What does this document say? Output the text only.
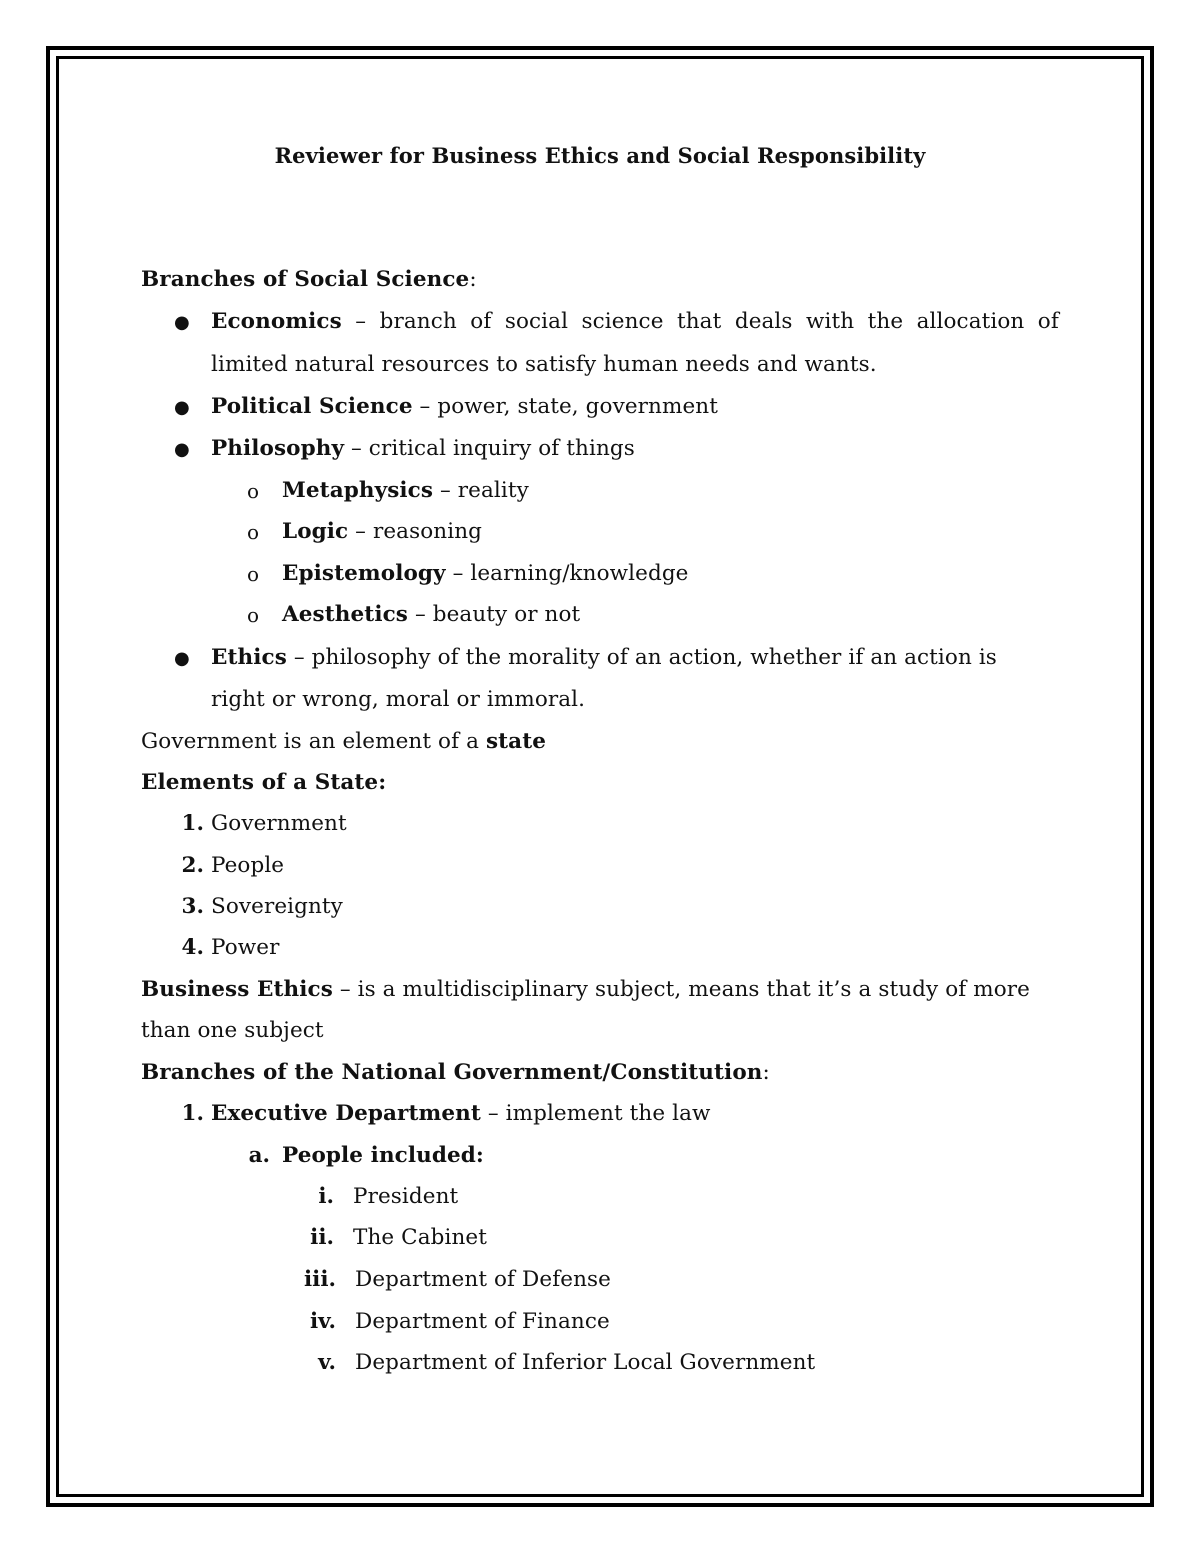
Reviewer for Business Ethics and Social Responsibility
Branches of Social Science:
● Economics – branch of social science that deals with the allocation of
limited natural resources to satisfy human needs and wants.
● Political Science – power, state, government
● Philosophy – critical inquiry of things
o Metaphysics – reality
o Logic – reasoning
o Epistemology – learning/knowledge
o Aesthetics – beauty or not
● Ethics – philosophy of the morality of an action, whether if an action is
right or wrong, moral or immoral.
Government is an element of a state
Elements of a State:
1. Government
2. People
3. Sovereignty
4. Power
Business Ethics – is a multidisciplinary subject, means that it’s a study of more
than one subject
Branches of the National Government/Constitution:
1. Executive Department – implement the law
a. People included:
i. President
ii. The Cabinet
iii. Department of Defense
iv. Department of Finance
v. Department of Inferior Local Government
